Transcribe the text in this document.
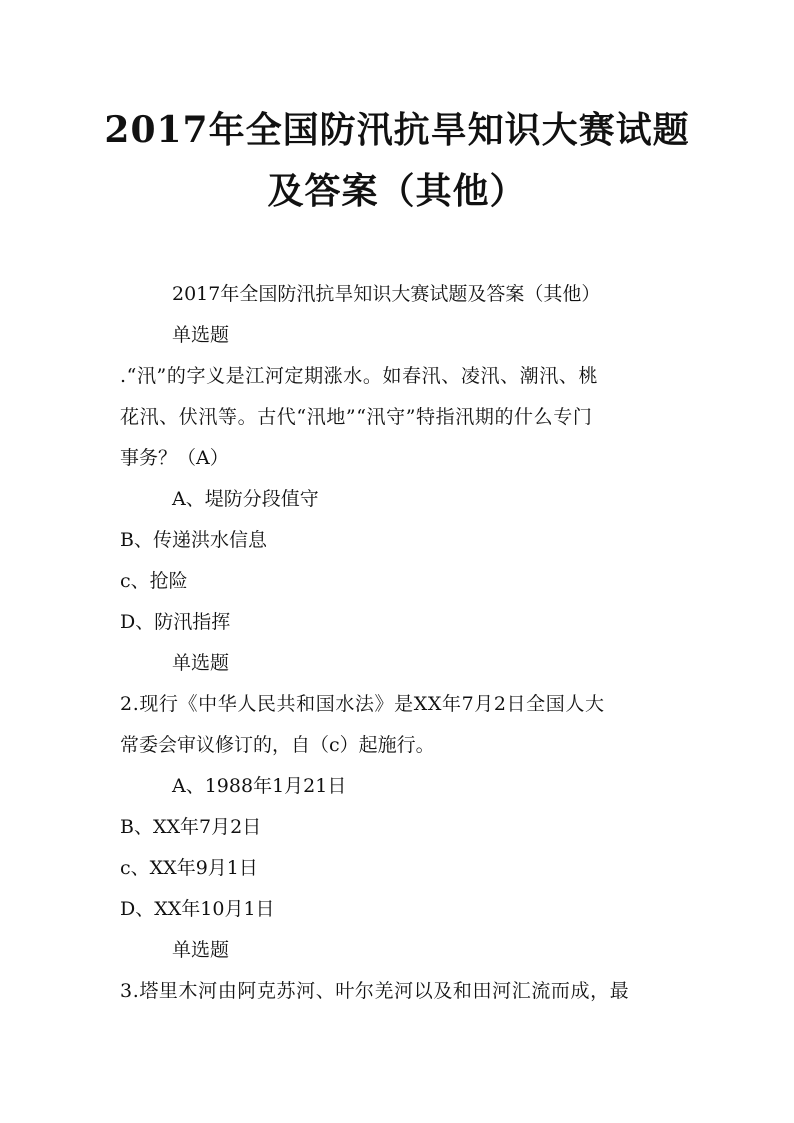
2017年全国防汛抗旱知识大赛试题
及答案（其他）
2017年全国防汛抗旱知识大赛试题及答案（其他）
单选题
.“汛”的字义是江河定期涨水。如春汛、凌汛、潮汛、桃
花汛、伏汛等。古代“汛地”“汛守”特指汛期的什么专门
事务？（A）
A、堤防分段值守
B、传递洪水信息
c、抢险
D、防汛指挥
单选题
2.现行《中华人民共和国水法》是XX年7月2日全国人大
常委会审议修订的，自（c）起施行。
A、1988年1月21日
B、XX年7月2日
c、XX年9月1日
D、XX年10月1日
单选题
3.塔里木河由阿克苏河、叶尔羌河以及和田河汇流而成，最
